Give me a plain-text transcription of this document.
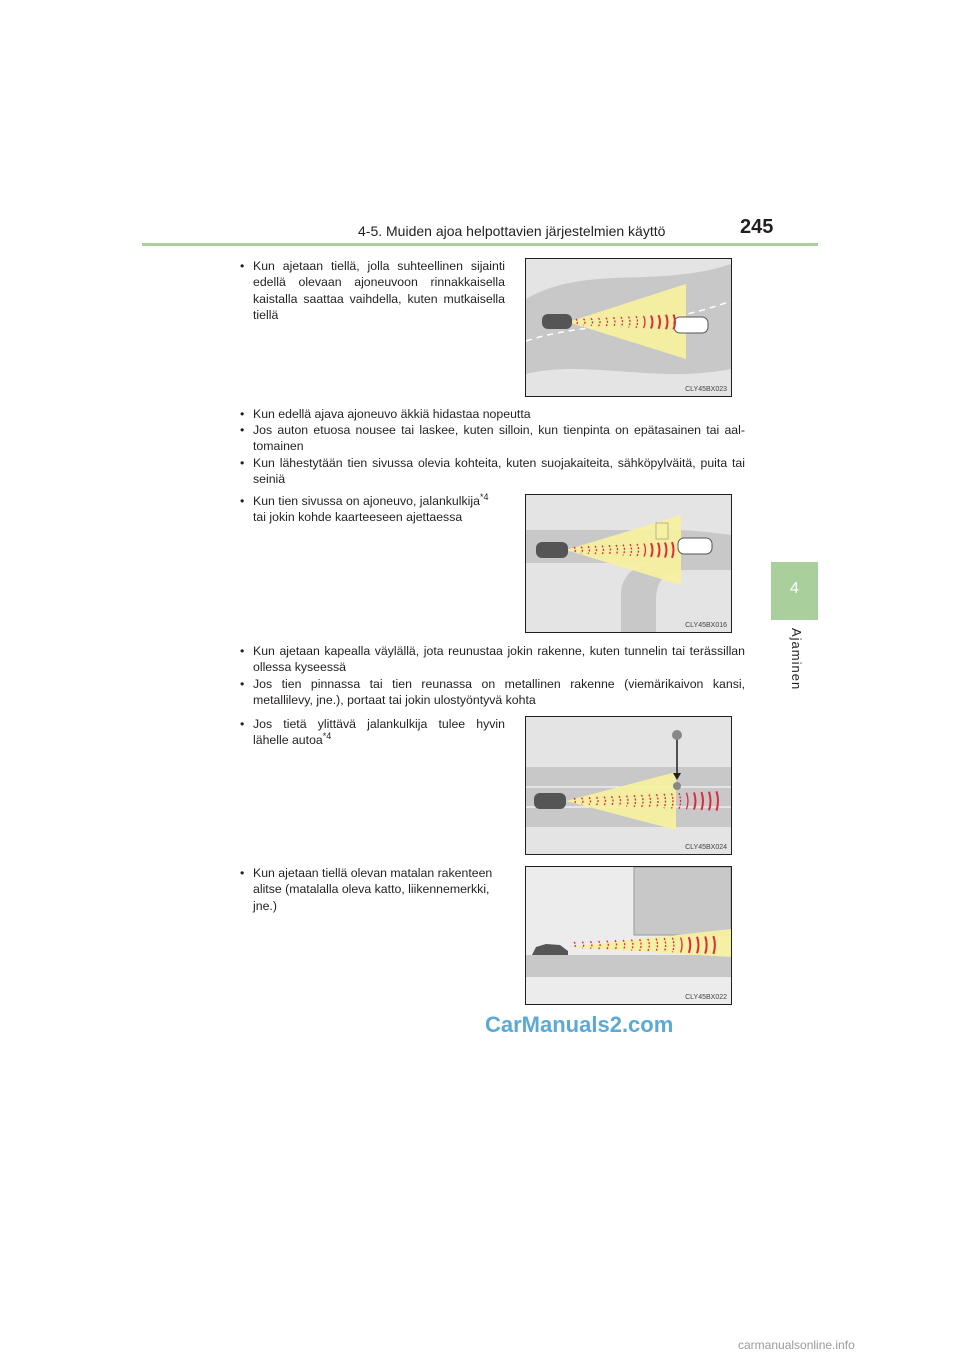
4-5. Muiden ajoa helpottavien järjestelmien käyttö	245
4
Ajaminen
• Kun ajetaan tiellä, jolla suhteellinen sijainti edellä olevaan ajoneuvoon rinnakkaisella kaistalla saattaa vaihdella, kuten mutkaisella tiellä
CLY45BX023
• Kun edellä ajava ajoneuvo äkkiä hidastaa nopeutta
• Jos auton etuosa nousee tai laskee, kuten silloin, kun tienpinta on epätasainen tai aaltomainen
• Kun lähestytään tien sivussa olevia kohteita, kuten suojakaiteita, sähköpylväitä, puita tai seiniä
• Kun tien sivussa on ajoneuvo, jalankulkija$^{*4}$
tai jokin kohde kaarteeseen ajettaessa
CLY45BX016
• Kun ajetaan kapealla väylällä, jota reunustaa jokin rakenne, kuten tunnelin tai terässillan ollessa kyseessä
• Jos tien pinnassa tai tien reunassa on metallinen rakenne (viemärikaivon kansi, metallilevy, jne.), portaat tai jokin ulostyöntyvä kohta
• Jos tietä ylittävä jalankulkija tulee hyvin lähelle autoa$^{*4}$
CLY45BX024
• Kun ajetaan tiellä olevan matalan rakenteen alitse (matalalla oleva katto, liikennemerkki, jne.)
CLY45BX022
CarManuals2.com
carmanualsonline.info
